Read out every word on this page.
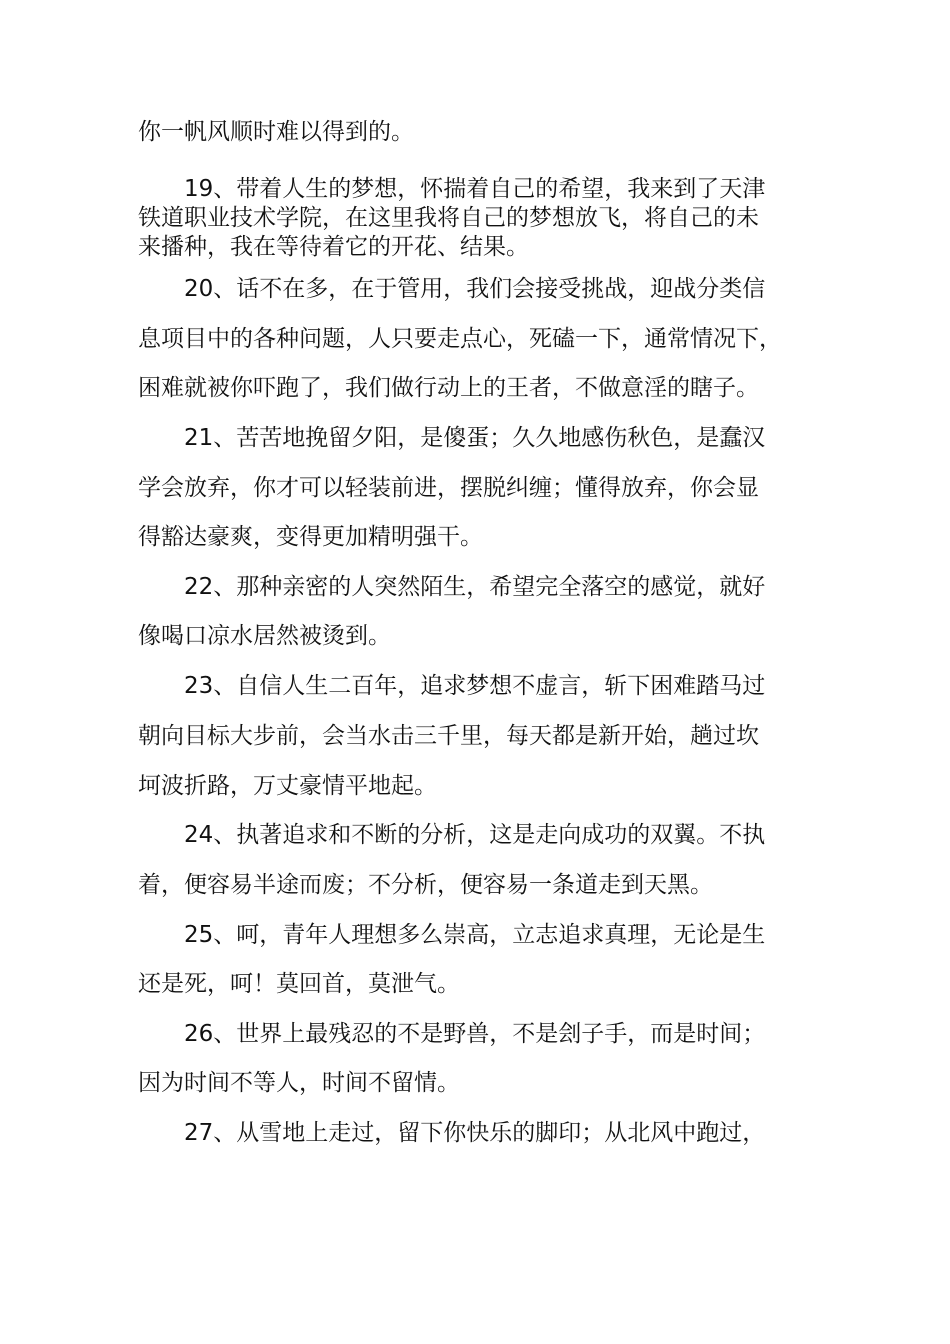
你一帆风顺时难以得到的。

19、带着人生的梦想，怀揣着自己的希望，我来到了天津

铁道职业技术学院，在这里我将自己的梦想放飞，将自己的未

来播种，我在等待着它的开花、结果。

20、话不在多，在于管用，我们会接受挑战，迎战分类信

息项目中的各种问题，人只要走点心，死磕一下，通常情况下，

困难就被你吓跑了，我们做行动上的王者，不做意淫的瞎子。

21、苦苦地挽留夕阳，是傻蛋；久久地感伤秋色，是蠢汉

学会放弃，你才可以轻装前进，摆脱纠缠；懂得放弃，你会显

得豁达豪爽，变得更加精明强干。

22、那种亲密的人突然陌生，希望完全落空的感觉，就好

像喝口凉水居然被烫到。

23、自信人生二百年，追求梦想不虚言，斩下困难踏马过

朝向目标大步前，会当水击三千里，每天都是新开始，趟过坎

坷波折路，万丈豪情平地起。

24、执著追求和不断的分析，这是走向成功的双翼。不执

着，便容易半途而废；不分析，便容易一条道走到天黑。

25、呵，青年人理想多么崇高，立志追求真理，无论是生

还是死，呵！莫回首，莫泄气。

26、世界上最残忍的不是野兽，不是刽子手，而是时间；

因为时间不等人，时间不留情。

27、从雪地上走过，留下你快乐的脚印；从北风中跑过，
